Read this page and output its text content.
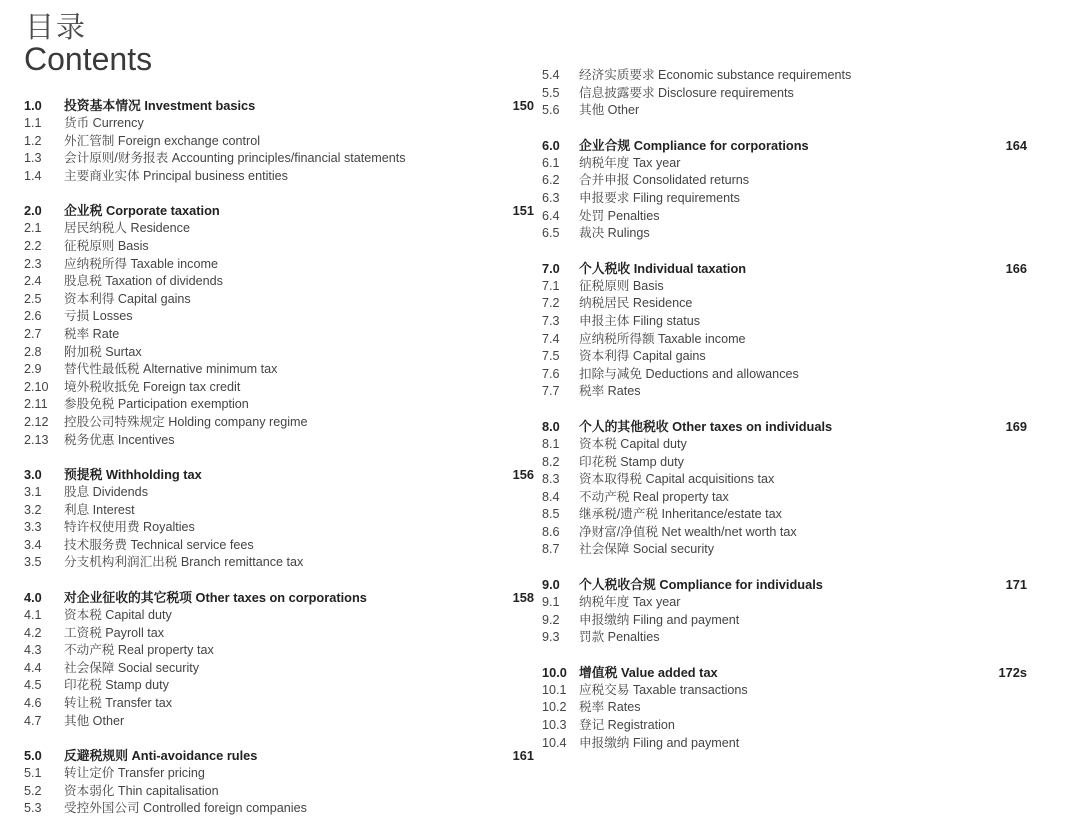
目录
Contents
1.0 投资基本情况 Investment basics	150
1.1 货币 Currency
1.2 外汇管制 Foreign exchange control
1.3 会计原则/财务报表 Accounting principles/financial statements
1.4 主要商业实体 Principal business entities
2.0 企业税 Corporate taxation	151
2.1 居民纳税人 Residence
2.2 征税原则 Basis
2.3 应纳税所得 Taxable income
2.4 股息税 Taxation of dividends
2.5 资本利得 Capital gains
2.6 亏损 Losses
2.7 税率 Rate
2.8 附加税 Surtax
2.9 替代性最低税 Alternative minimum tax
2.10 境外税收抵免 Foreign tax credit
2.11 参股免税 Participation exemption
2.12 控股公司特殊规定 Holding company regime
2.13 税务优惠 Incentives
3.0 预提税 Withholding tax	156
3.1 股息 Dividends
3.2 利息 Interest
3.3 特许权使用费 Royalties
3.4 技术服务费 Technical service fees
3.5 分支机构利润汇出税 Branch remittance tax
4.0 对企业征收的其它税项 Other taxes on corporations	158
4.1 资本税 Capital duty
4.2 工资税 Payroll tax
4.3 不动产税 Real property tax
4.4 社会保障 Social security
4.5 印花税 Stamp duty
4.6 转让税 Transfer tax
4.7 其他 Other
5.0 反避税规则 Anti-avoidance rules	161
5.1 转让定价 Transfer pricing
5.2 资本弱化 Thin capitalisation
5.3 受控外国公司 Controlled foreign companies
5.4 经济实质要求 Economic substance requirements
5.5 信息披露要求 Disclosure requirements
5.6 其他 Other
6.0 企业合规 Compliance for corporations	164
6.1 纳税年度 Tax year
6.2 合并申报 Consolidated returns
6.3 申报要求 Filing requirements
6.4 处罚 Penalties
6.5 裁决 Rulings
7.0 个人税收 Individual taxation	166
7.1 征税原则 Basis
7.2 纳税居民 Residence
7.3 申报主体 Filing status
7.4 应纳税所得额 Taxable income
7.5 资本利得 Capital gains
7.6 扣除与减免 Deductions and allowances
7.7 税率 Rates
8.0 个人的其他税收 Other taxes on individuals	169
8.1 资本税 Capital duty
8.2 印花税 Stamp duty
8.3 资本取得税 Capital acquisitions tax
8.4 不动产税 Real property tax
8.5 继承税/遗产税 Inheritance/estate tax
8.6 净财富/净值税 Net wealth/net worth tax
8.7 社会保障 Social security
9.0 个人税收合规 Compliance for individuals	171
9.1 纳税年度 Tax year
9.2 申报缴纳 Filing and payment
9.3 罚款 Penalties
10.0 增值税 Value added tax	172s
10.1 应税交易 Taxable transactions
10.2 税率 Rates
10.3 登记 Registration
10.4 申报缴纳 Filing and payment
